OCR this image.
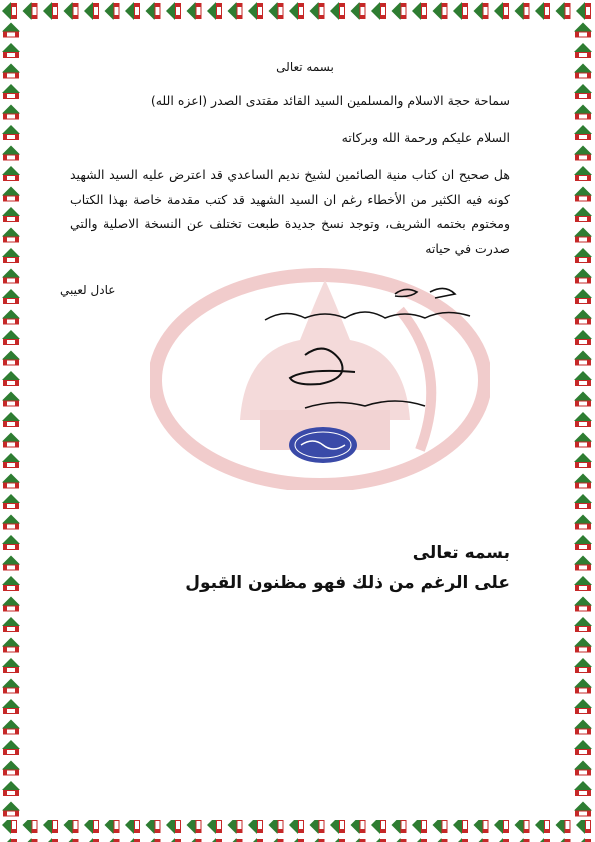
بسمه تعالى
سماحة حجة الاسلام والمسلمين السيد القائد مقتدى الصدر (اعزه الله)
السلام عليكم ورحمة الله وبركاته
هل صحيح ان كتاب منية الصائمين لشيخ نديم الساعدي قد اعترض عليه السيد الشهيد كونه فيه الكثير من الأخطاء رغم ان السيد الشهيد قد كتب مقدمة خاصة بهذا الكتاب ومختوم بختمه الشريف، وتوجد نسخ جديدة طبعت تختلف عن النسخة الاصلية والتي صدرت في حياته
عادل لعيبي
بسمه تعالى
على الرغم من ذلك فهو مظنون القبول
